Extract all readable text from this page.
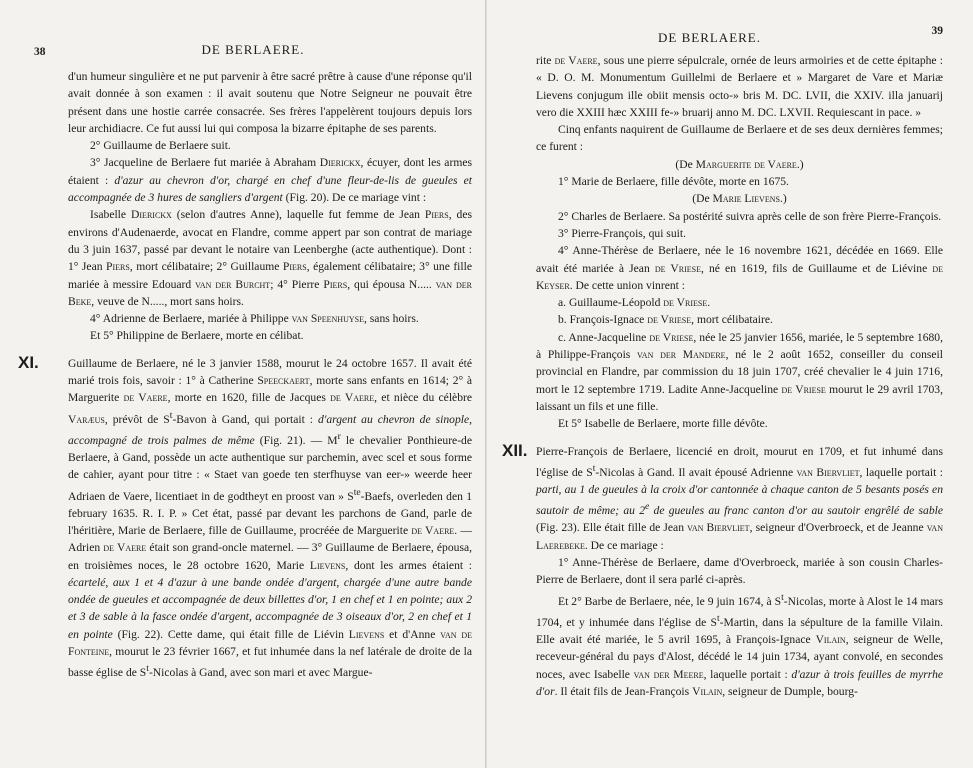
38	DE BERLAERE.

d'un humeur singulière et ne put parvenir à être sacré prêtre à cause d'une réponse qu'il avait donnée à son examen : il avait soutenu que Notre Seigneur ne pouvait être présent dans une hostie carrée consacrée. Ses frères l'appelèrent toujours depuis lors leur archidiacre. Ce fut aussi lui qui composa la bizarre épitaphe de ses parents.

2° Guillaume de Berlaere suit.

3° Jacqueline de Berlaere fut mariée à Abraham Dierickx, écuyer, dont les armes étaient : d'azur au chevron d'or, chargé en chef d'une fleur-de-lis de gueules et accompagnée de 3 hures de sangliers d'argent (Fig. 20). De ce mariage vint :

Isabelle Dierickx (selon d'autres Anne), laquelle fut femme de Jean Piers, des environs d'Audenaerde, avocat en Flandre, comme appert par son contrat de mariage du 3 juin 1637, passé par devant le notaire van Leenberghe (acte authentique). Dont : 1° Jean Piers, mort célibataire; 2° Guillaume Piers, également célibataire; 3° une fille mariée à messire Edouard van der Burcht; 4° Pierre Piers, qui épousa N..... van der Beke, veuve de N....., mort sans hoirs.

4° Adrienne de Berlaere, mariée à Philippe van Speenhuyse, sans hoirs.

Et 5° Philippine de Berlaere, morte en célibat.

XI.	Guillaume de Berlaere, né le 3 janvier 1588, mourut le 24 octobre 1657. Il avait été marié trois fois, savoir : 1° à Catherine Speeckaert, morte sans enfants en 1614; 2° à Marguerite de Vaere, morte en 1620, fille de Jacques de Vaere, et nièce du célèbre Varæus, prévôt de $S^t$-Bavon à Gand, qui portait : d'argent au chevron de sinople, accompagné de trois palmes de même (Fig. 21). — $M^r$ le chevalier Ponthieure-de Berlaere, à Gand, possède un acte authentique sur parchemin, avec scel et sous forme de cahier, ayant pour titre : « Staet van goede ten sterfhuyse van eer-» weerde heer Adriaen de Vaere, licentiaet in de godtheyt en proost van » $S^{te}$-Baefs, overleden den 1 february 1635. R. I. P. » Cet état, passé par devant les parchons de Gand, parle de l'héritière, Marie de Berlaere, fille de Guillaume, procréée de Marguerite de Vaere. — Adrien de Vaere était son grand-oncle maternel. — 3° Guillaume de Berlaere, épousa, en troisièmes noces, le 28 octobre 1620, Marie Lievens, dont les armes étaient : écartelé, aux 1 et 4 d'azur à une bande ondée d'argent, chargée d'une autre bande ondée de gueules et accompagnée de deux billettes d'or, 1 en chef et 1 en pointe; aux 2 et 3 de sable à la fasce ondée d'argent, accompagnée de 3 oiseaux d'or, 2 en chef et 1 en pointe (Fig. 22). Cette dame, qui était fille de Liévin Lievens et d'Anne van de Fonteine, mourut le 23 février 1667, et fut inhumée dans la nef latérale de droite de la basse église de $S^t$-Nicolas à Gand, avec son mari et avec Margue-

DE BERLAERE.	39

rite de Vaere, sous une pierre sépulcrale, ornée de leurs armoiries et de cette épitaphe : « D. O. M. Monumentum Guillelmi de Berlaere et » Margaret de Vare et Mariæ Lievens conjugum ille obiit mensis octo-» bris M. DC. LVII, die XXIV. illa januarij vero die XXIII hæc XXIII fe-» bruarij anno M. DC. LXVII. Requiescant in pace. »

Cinq enfants naquirent de Guillaume de Berlaere et de ses deux dernières femmes; ce furent :

(De Marguerite de Vaere.)

1° Marie de Berlaere, fille dévôte, morte en 1675.

(De Marie Lievens.)

2° Charles de Berlaere. Sa postérité suivra après celle de son frère Pierre-François.

3° Pierre-François, qui suit.

4° Anne-Thérèse de Berlaere, née le 16 novembre 1621, décédée en 1669. Elle avait été mariée à Jean de Vriese, né en 1619, fils de Guillaume et de Liévine de Keyser. De cette union vinrent :

a. Guillaume-Léopold de Vriese.

b. François-Ignace de Vriese, mort célibataire.

c. Anne-Jacqueline de Vriese, née le 25 janvier 1656, mariée, le 5 septembre 1680, à Philippe-François van der Mandere, né le 2 août 1652, conseiller du conseil provincial en Flandre, par commission du 18 juin 1707, créé chevalier le 4 juin 1716, mort le 12 septembre 1719. Ladite Anne-Jacqueline de Vriese mourut le 29 avril 1703, laissant un fils et une fille.

Et 5° Isabelle de Berlaere, morte fille dévôte.

XII. Pierre-François de Berlaere, licencié en droit, mourut en 1709, et fut inhumé dans l'église de $S^t$-Nicolas à Gand. Il avait épousé Adrienne van Biervliet, laquelle portait : parti, au 1 de gueules à la croix d'or cantonnée à chaque canton de 5 besants posés en sautoir de même; au 2e de gueules au franc canton d'or au sautoir engrêlé de sable (Fig. 23). Elle était fille de Jean van Biervliet, seigneur d'Overbroeck, et de Jeanne van Laerebeke. De ce mariage :

1° Anne-Thérèse de Berlaere, dame d'Overbroeck, mariée à son cousin Charles-Pierre de Berlaere, dont il sera parlé ci-après.

Et 2° Barbe de Berlaere, née, le 9 juin 1674, à $S^t$-Nicolas, morte à Alost le 14 mars 1704, et y inhumée dans l'église de $S^t$-Martin, dans la sépulture de la famille Vilain. Elle avait été mariée, le 5 avril 1695, à François-Ignace Vilain, seigneur de Welle, receveur-général du pays d'Alost, décédé le 14 juin 1734, ayant convolé, en secondes noces, avec Isabelle van der Meere, laquelle portait : d'azur à trois feuilles de myrrhe d'or. Il était fils de Jean-François Vilain, seigneur de Dumple, bourg-
